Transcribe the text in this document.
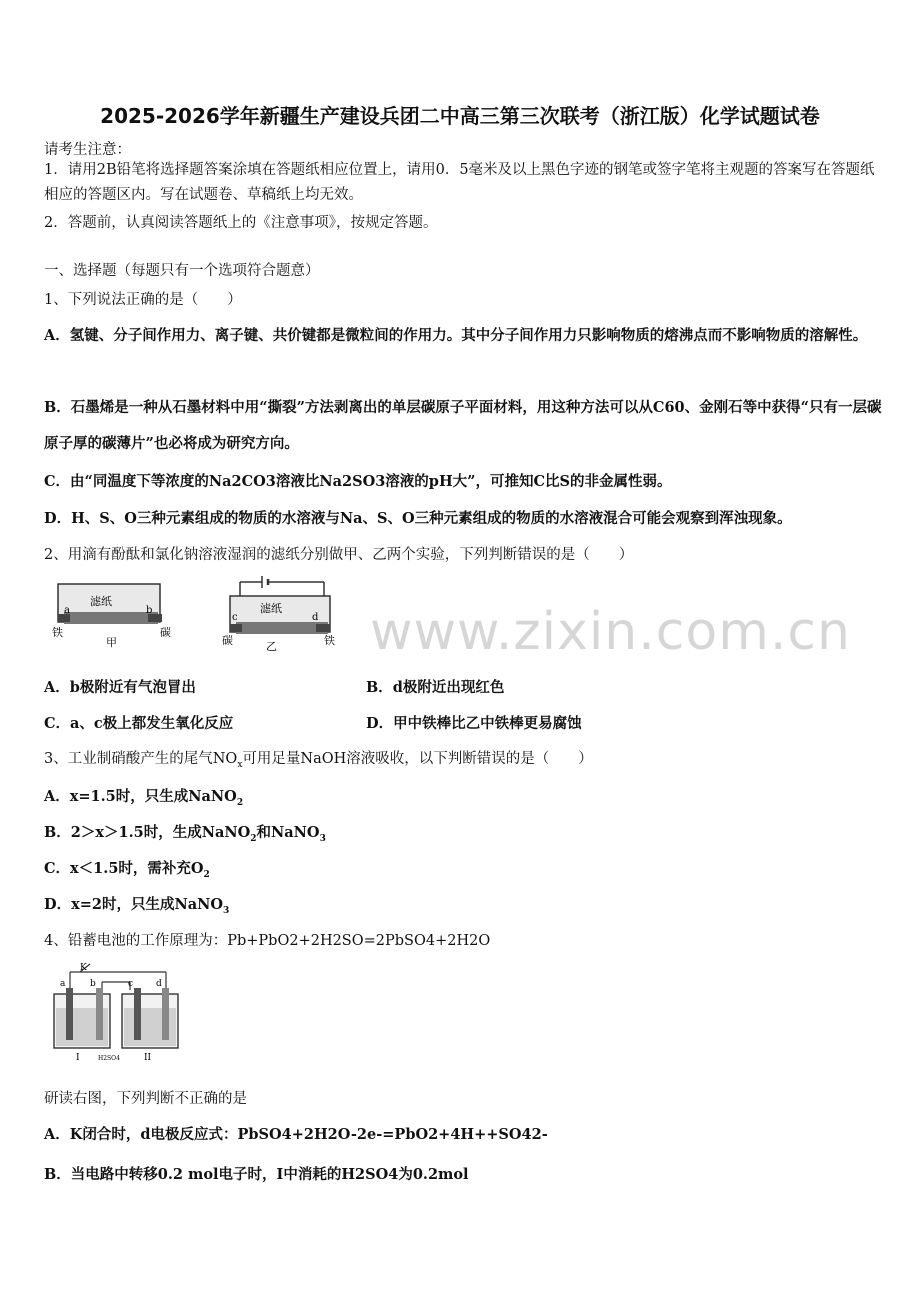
2025-2026学年新疆生产建设兵团二中高三第三次联考（浙江版）化学试题试卷
请考生注意：
1．请用2B铅笔将选择题答案涂填在答题纸相应位置上，请用0．5毫米及以上黑色字迹的钢笔或签字笔将主观题的答案写在答题纸相应的答题区内。写在试题卷、草稿纸上均无效。
2．答题前，认真阅读答题纸上的《注意事项》，按规定答题。
一、选择题（每题只有一个选项符合题意）
1、下列说法正确的是（　　）
A．氢键、分子间作用力、离子键、共价键都是微粒间的作用力。其中分子间作用力只影响物质的熔沸点而不影响物质的溶解性。
B．石墨烯是一种从石墨材料中用“撕裂”方法剥离出的单层碳原子平面材料，用这种方法可以从C60、金刚石等中获得“只有一层碳原子厚的碳薄片”也必将成为研究方向。
C．由“同温度下等浓度的Na2CO3溶液比Na2SO3溶液的pH大”，可推知C比S的非金属性弱。
D．H、S、O三种元素组成的物质的水溶液与Na、S、O三种元素组成的物质的水溶液混合可能会观察到浑浊现象。
2、用滴有酚酞和氯化钠溶液湿润的滤纸分别做甲、乙两个实验，下列判断错误的是（　　）
滤纸
a	b
铁	碳
甲
滤纸
c	d
碳	铁
乙 www.zixin.com.cn
A．b极附近有气泡冒出	B．d极附近出现红色
C．a、c极上都发生氧化反应	D．甲中铁棒比乙中铁棒更易腐蚀
3、工业制硝酸产生的尾气$NO_x$可用足量NaOH溶液吸收，以下判断错误的是（　　）
A．x=1.5时，只生成NaNO$_2$
B．2＞x＞1.5时，生成NaNO$_2$和NaNO$_3$
C．x＜1.5时，需补充$O_2$
D．x=2时，只生成NaNO$_3$
4、铅蓄电池的工作原理为：Pb+PbO2+2H2SO=2PbSO4+2H2O
K
a	b	c	d
I	II
H2SO4
研读右图，下列判断不正确的是
A．K闭合时，d电极反应式：PbSO4+2H2O-2e-=PbO2+4H++SO42-
B．当电路中转移0.2 mol电子时，Ⅰ中消耗的H2SO4为0.2mol
